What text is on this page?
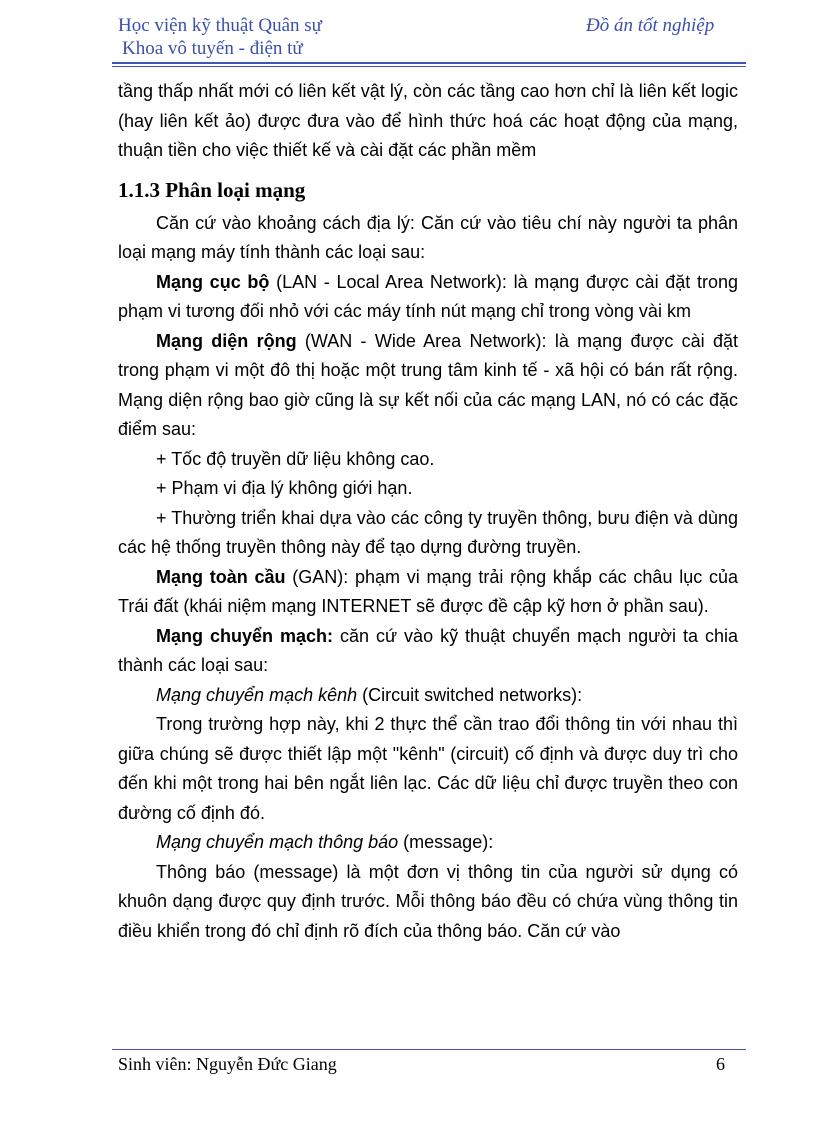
Học viện kỹ thuật Quân sự
Khoa vô tuyến - điện tử
Đồ án tốt nghiệp

tầng thấp nhất mới có liên kết vật lý, còn các tầng cao hơn chỉ là liên kết logic (hay liên kết ảo) được đưa vào để hình thức hoá các hoạt động của mạng, thuận tiền cho việc thiết kế và cài đặt các phần mềm

1.1.3 Phân loại mạng

Căn cứ vào khoảng cách địa lý: Căn cứ vào tiêu chí này người ta phân loại mạng máy tính thành các loại sau:

Mạng cục bộ (LAN - Local Area Network): là mạng được cài đặt trong phạm vi tương đối nhỏ với các máy tính nút mạng chỉ trong vòng vài km

Mạng diện rộng (WAN - Wide Area Network): là mạng được cài đặt trong phạm vi một đô thị hoặc một trung tâm kinh tế - xã hội có bán rất rộng. Mạng diện rộng bao giờ cũng là sự kết nối của các mạng LAN, nó có các đặc điểm sau:

+ Tốc độ truyền dữ liệu không cao.

+ Phạm vi địa lý không giới hạn.

+ Thường triển khai dựa vào các công ty truyền thông, bưu điện và dùng các hệ thống truyền thông này để tạo dựng đường truyền.

Mạng toàn cầu (GAN): phạm vi mạng trải rộng khắp các châu lục của Trái đất (khái niệm mạng INTERNET sẽ được đề cập kỹ hơn ở phần sau).

Mạng chuyển mạch: căn cứ vào kỹ thuật chuyển mạch người ta chia thành các loại sau:

Mạng chuyển mạch kênh (Circuit switched networks):

Trong trường hợp này, khi 2 thực thể cần trao đổi thông tin với nhau thì giữa chúng sẽ được thiết lập một "kênh" (circuit) cố định và được duy trì cho đến khi một trong hai bên ngắt liên lạc. Các dữ liệu chỉ được truyền theo con đường cố định đó.

Mạng chuyển mạch thông báo (message):

Thông báo (message) là một đơn vị thông tin của người sử dụng có khuôn dạng được quy định trước. Mỗi thông báo đều có chứa vùng thông tin điều khiển trong đó chỉ định rõ đích của thông báo. Căn cứ vào

Sinh viên: Nguyễn Đức Giang	6
